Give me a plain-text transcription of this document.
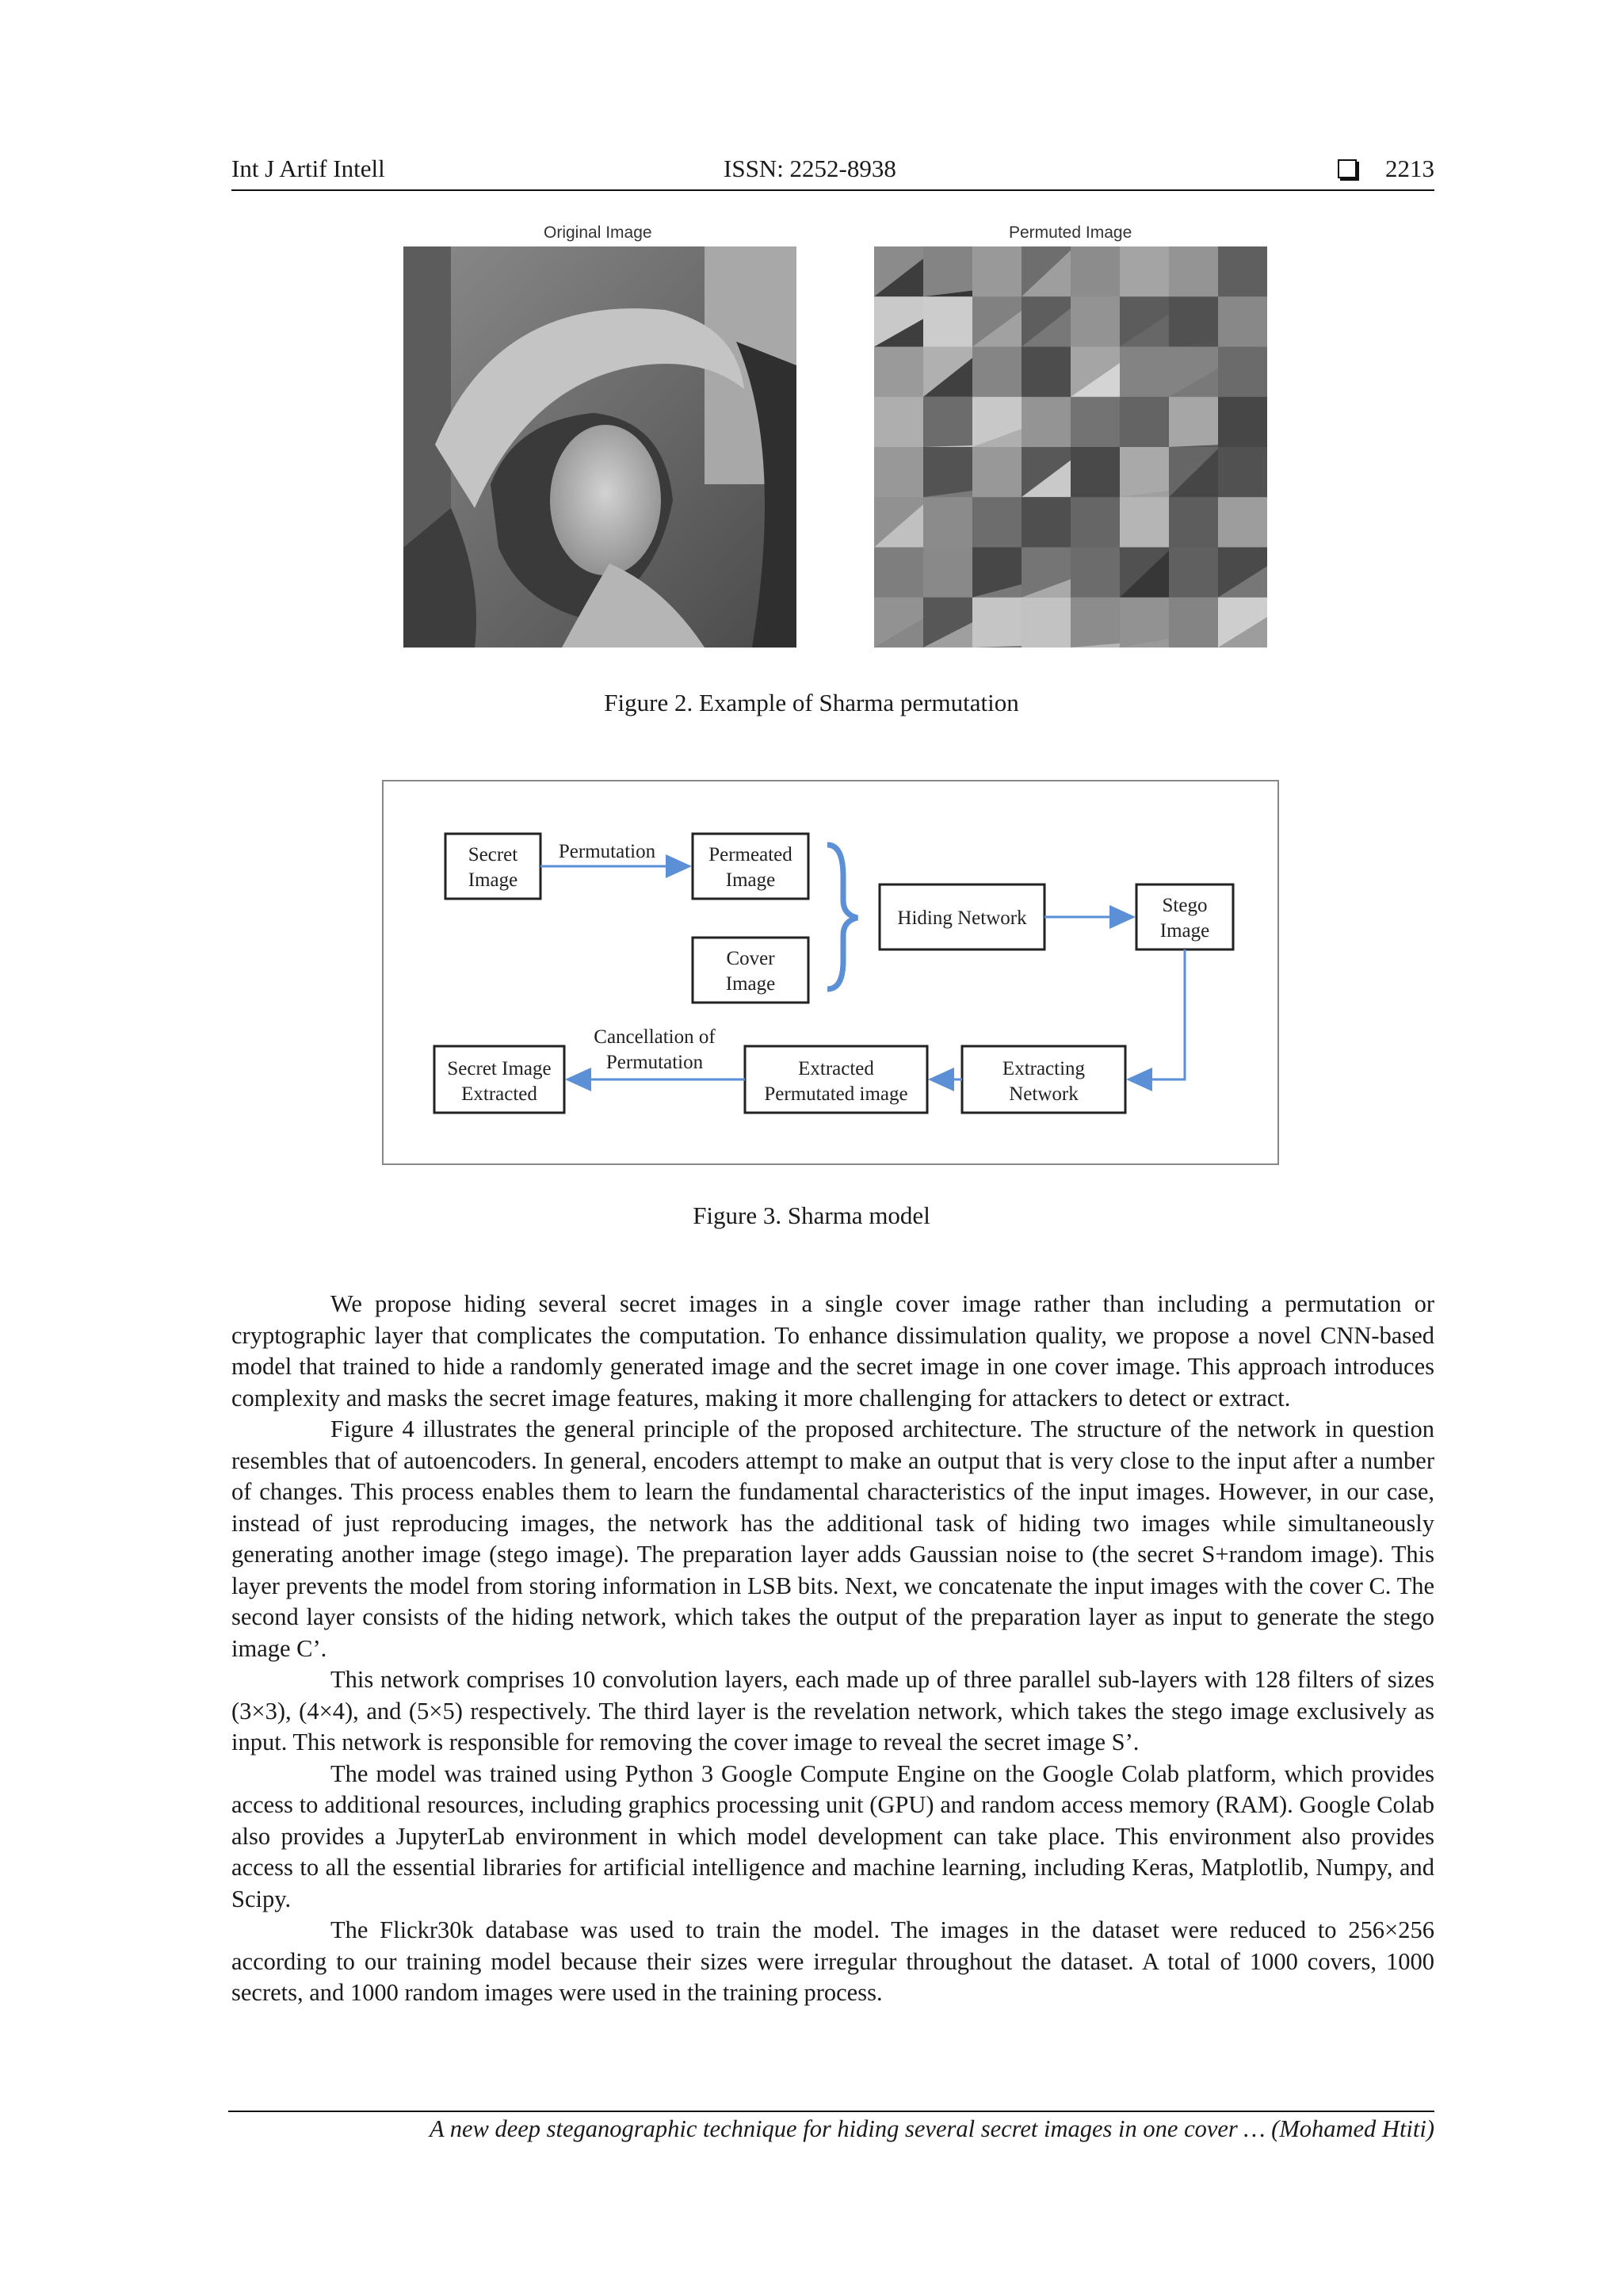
Int J Artif Intell	ISSN: 2252-8938	2213
Original Image	Permuted Image
Figure 2. Example of Sharma permutation
Secret
Image
Permutation	Permeated
Image
Cover
Image
Hiding Network
Stego
Image
Cancellation of
Permutation
Secret Image
Extracted
Extracted
Permutated image
Extracting
Network
Figure 3. Sharma model

We propose hiding several secret images in a single cover image rather than including a permutation or cryptographic layer that complicates the computation. To enhance dissimulation quality, we propose a novel CNN-based model that trained to hide a randomly generated image and the secret image in one cover image. This approach introduces complexity and masks the secret image features, making it more challenging for attackers to detect or extract.

Figure 4 illustrates the general principle of the proposed architecture. The structure of the network in question resembles that of autoencoders. In general, encoders attempt to make an output that is very close to the input after a number of changes. This process enables them to learn the fundamental characteristics of the input images. However, in our case, instead of just reproducing images, the network has the additional task of hiding two images while simultaneously generating another image (stego image). The preparation layer adds Gaussian noise to (the secret S+random image). This layer prevents the model from storing information in LSB bits. Next, we concatenate the input images with the cover C. The second layer consists of the hiding network, which takes the output of the preparation layer as input to generate the stego image C’.

This network comprises 10 convolution layers, each made up of three parallel sub-layers with 128 filters of sizes (3×3), (4×4), and (5×5) respectively. The third layer is the revelation network, which takes the stego image exclusively as input. This network is responsible for removing the cover image to reveal the secret image S’.

The model was trained using Python 3 Google Compute Engine on the Google Colab platform, which provides access to additional resources, including graphics processing unit (GPU) and random access memory (RAM). Google Colab also provides a JupyterLab environment in which model development can take place. This environment also provides access to all the essential libraries for artificial intelligence and machine learning, including Keras, Matplotlib, Numpy, and Scipy.

The Flickr30k database was used to train the model. The images in the dataset were reduced to 256×256 according to our training model because their sizes were irregular throughout the dataset. A total of 1000 covers, 1000 secrets, and 1000 random images were used in the training process.

A new deep steganographic technique for hiding several secret images in one cover … (Mohamed Htiti)
